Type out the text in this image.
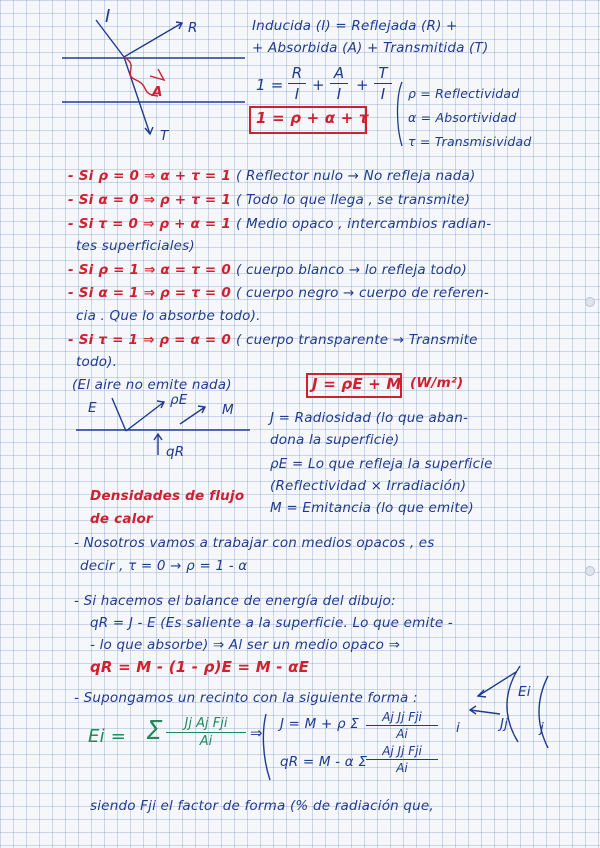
I
R
A
T
Inducida (I) = Reflejada (R) +
+ Absorbida (A) + Transmitida (T)
1 =
R
I +
A
I +
T
I
1 = ρ + α + τ
ρ = Reflectividad
α = Absortividad
τ = Transmisividad
- Si ρ = 0 ⇒ α + τ = 1 ( Reflector nulo → No refleja nada)
- Si α = 0 ⇒ ρ + τ = 1 ( Todo lo que llega , se transmite)
- Si τ = 0 ⇒ ρ + α = 1 ( Medio opaco , intercambios radian-
tes superficiales)
- Si ρ = 1 ⇒ α = τ = 0 ( cuerpo blanco → lo refleja todo)
- Si α = 1 ⇒ ρ = τ = 0 ( cuerpo negro → cuerpo de referen-
cia . Que lo absorbe todo).
- Si τ = 1 ⇒ ρ = α = 0 ( cuerpo transparente → Transmite
todo).
(El aire no emite nada)	J = ρE + M (W/m²)
E	ρE
M
qR
J = Radiosidad (lo que aban-
dona la superficie)
ρE = Lo que refleja la superficie
(Reflectividad × Irradiación)
M = Emitancia (lo que emite)
Densidades de flujo
de calor
- Nosotros vamos a trabajar con medios opacos , es
decir , τ = 0 → ρ = 1 - α
- Si hacemos el balance de energía del dibujo:
qR = J - E (Es saliente a la superficie. Lo que emite -
- lo que absorbe) ⇒ Al ser un medio opaco ⇒
qR = M - (1 - ρ)E = M - αE
- Supongamos un recinto con la siguiente forma :
Ei = Σ	Jj Aj Fji
Ai	⇒ J = M + ρ Σ	Aj Jj Fji
Ai
qR = M - α Σ
Aj Jj Fji
Ai
i
Ei
Jj j
siendo Fji el factor de forma (% de radiación que,
